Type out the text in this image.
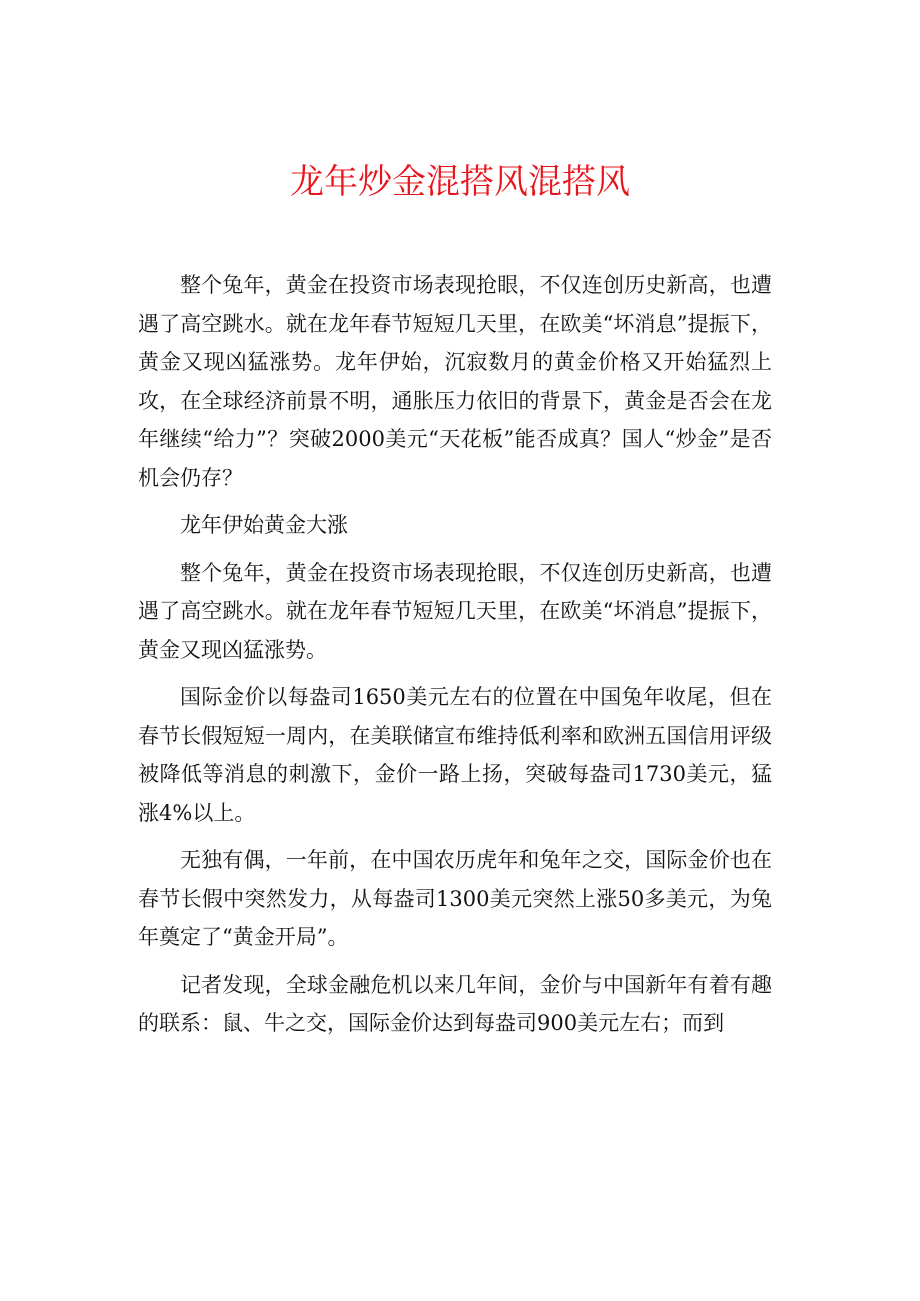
龙年炒金混搭风混搭风

整个兔年，黄金在投资市场表现抢眼，不仅连创历史新高，也遭遇了高空跳水。就在龙年春节短短几天里，在欧美“坏消息”提振下，黄金又现凶猛涨势。龙年伊始，沉寂数月的黄金价格又开始猛烈上攻，在全球经济前景不明，通胀压力依旧的背景下，黄金是否会在龙年继续“给力”？突破2000美元“天花板”能否成真？国人“炒金”是否机会仍存？

龙年伊始黄金大涨

整个兔年，黄金在投资市场表现抢眼，不仅连创历史新高，也遭遇了高空跳水。就在龙年春节短短几天里，在欧美“坏消息”提振下，黄金又现凶猛涨势。

国际金价以每盎司1650美元左右的位置在中国兔年收尾，但在春节长假短短一周内，在美联储宣布维持低利率和欧洲五国信用评级被降低等消息的刺激下，金价一路上扬，突破每盎司1730美元，猛涨4%以上。

无独有偶，一年前，在中国农历虎年和兔年之交，国际金价也在春节长假中突然发力，从每盎司1300美元突然上涨50多美元，为兔年奠定了“黄金开局”。

记者发现，全球金融危机以来几年间，金价与中国新年有着有趣的联系：鼠、牛之交，国际金价达到每盎司900美元左右；而到
